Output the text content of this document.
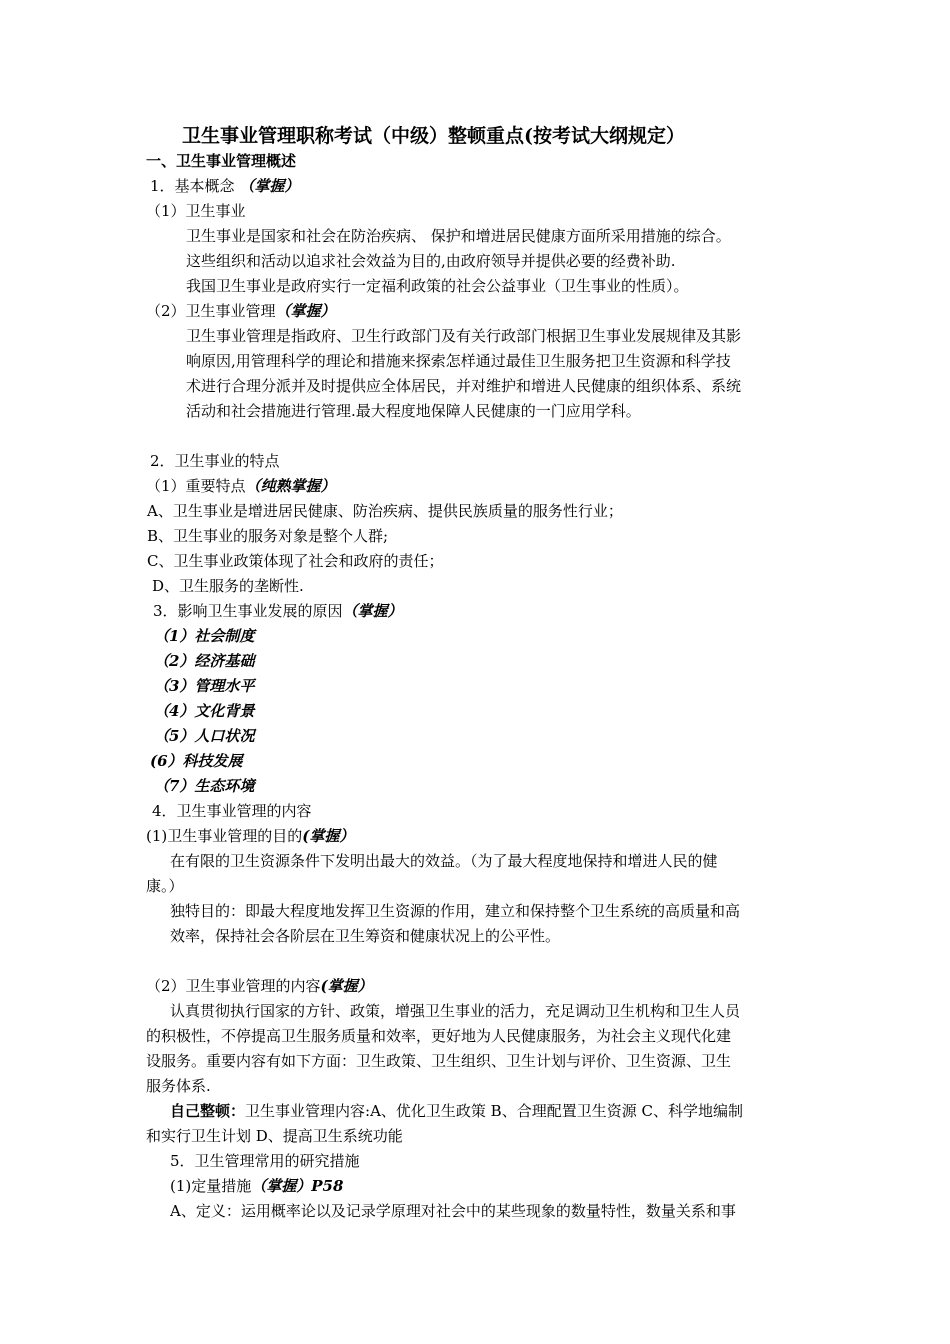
卫生事业管理职称考试（中级）整顿重点(按考试大纲规定）
一、卫生事业管理概述
1．基本概念 （掌握）
（1）卫生事业
卫生事业是国家和社会在防治疾病、 保护和增进居民健康方面所采用措施的综合。
这些组织和活动以追求社会效益为目的,由政府领导并提供必要的经费补助.
我国卫生事业是政府实行一定福利政策的社会公益事业（卫生事业的性质）。
（2）卫生事业管理（掌握）
卫生事业管理是指政府、卫生行政部门及有关行政部门根据卫生事业发展规律及其影
响原因,用管理科学的理论和措施来探索怎样通过最佳卫生服务把卫生资源和科学技
术进行合理分派并及时提供应全体居民，并对维护和增进人民健康的组织体系、系统
活动和社会措施进行管理.最大程度地保障人民健康的一门应用学科。
2．卫生事业的特点
（1）重要特点（纯熟掌握）
A、卫生事业是增进居民健康、防治疾病、提供民族质量的服务性行业；
B、卫生事业的服务对象是整个人群;
C、卫生事业政策体现了社会和政府的责任；
D、卫生服务的垄断性.
3．影响卫生事业发展的原因（掌握）
（1）社会制度
（2）经济基础
（3）管理水平
（4）文化背景
（5）人口状况
(6）科技发展
（7）生态环境
4．卫生事业管理的内容
(1)卫生事业管理的目的(掌握）
在有限的卫生资源条件下发明出最大的效益。（为了最大程度地保持和增进人民的健
康。）
独特目的：即最大程度地发挥卫生资源的作用，建立和保持整个卫生系统的高质量和高
效率，保持社会各阶层在卫生筹资和健康状况上的公平性。
（2）卫生事业管理的内容(掌握）
认真贯彻执行国家的方针、政策，增强卫生事业的活力，充足调动卫生机构和卫生人员
的积极性，不停提高卫生服务质量和效率，更好地为人民健康服务，为社会主义现代化建
设服务。重要内容有如下方面：卫生政策、卫生组织、卫生计划与评价、卫生资源、卫生
服务体系.
自己整顿：卫生事业管理内容:A、优化卫生政策 B、合理配置卫生资源 C、科学地编制
和实行卫生计划 D、提高卫生系统功能
5．卫生管理常用的研究措施
(1)定量措施（掌握）P58
A、定义：运用概率论以及记录学原理对社会中的某些现象的数量特性，数量关系和事
